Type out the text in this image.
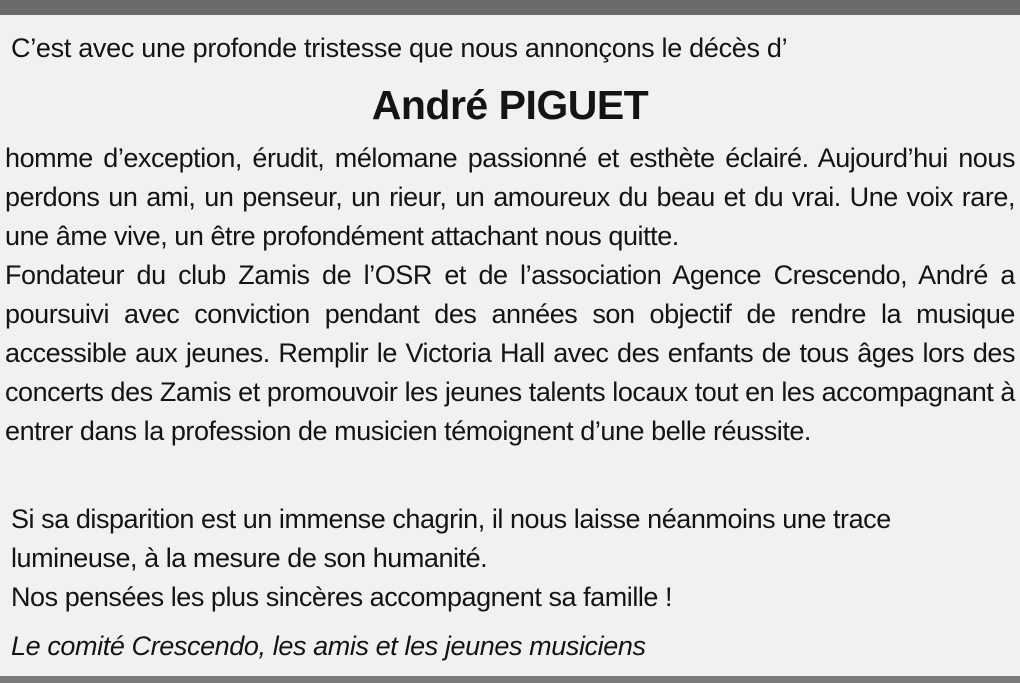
C’est avec une profonde tristesse que nous annonçons le décès d’
André PIGUET

homme d’exception, érudit, mélomane passionné et esthète éclairé. Aujourd’hui nous perdons un ami, un penseur, un rieur, un amoureux du beau et du vrai. Une voix rare, une âme vive, un être profondément attachant nous quitte.

Fondateur du club Zamis de l’OSR et de l’association Agence Crescendo, André a poursuivi avec conviction pendant des années son objectif de rendre la musique accessible aux jeunes. Remplir le Victoria Hall avec des enfants de tous âges lors des concerts des Zamis et promouvoir les jeunes talents locaux tout en les accompagnant à entrer dans la profession de musicien témoignent d’une belle réussite.

Si sa disparition est un immense chagrin, il nous laisse néanmoins une trace lumineuse, à la mesure de son humanité.

Nos pensées les plus sincères accompagnent sa famille !

Le comité Crescendo, les amis et les jeunes musiciens
